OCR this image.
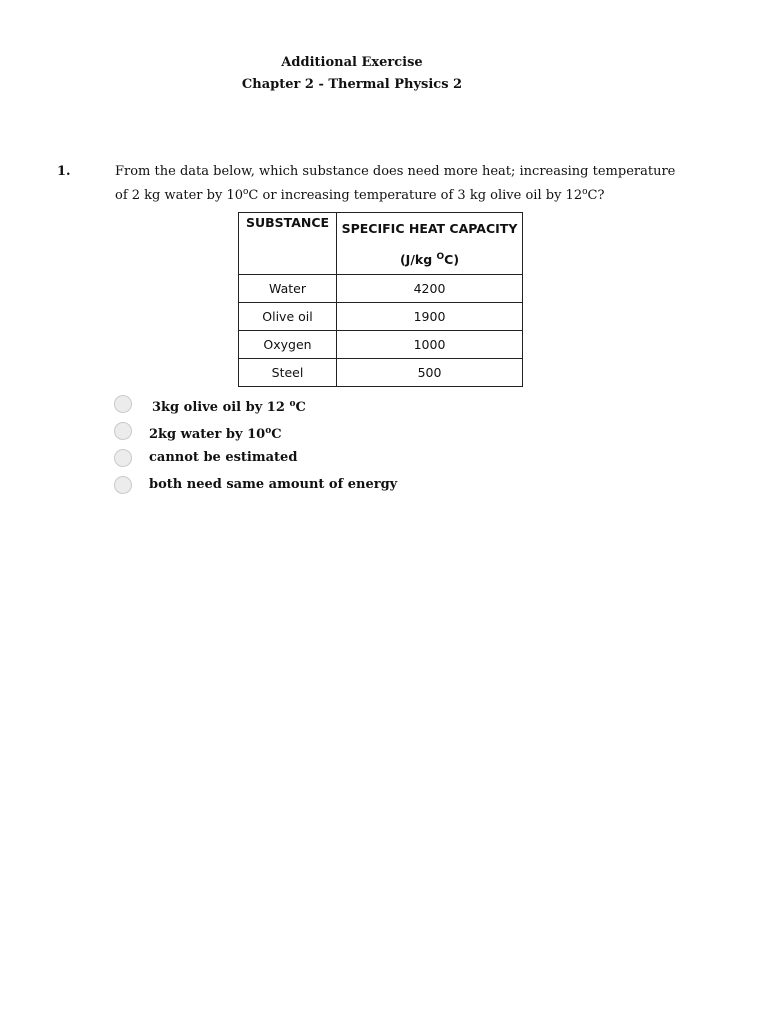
Additional Exercise
Chapter 2 - Thermal Physics 2
1.	From the data below, which substance does need more heat; increasing temperature
of 2 kg water by 10$^o$C or increasing temperature of 3 kg olive oil by 12$^o$C?
SUBSTANCE	SPECIFIC HEAT CAPACITY
(J/kg $^O$C)
Water	4200
Olive oil	1900
Oxygen	1000
Steel	500
3kg olive oil by 12 $^o$C
2kg water by 10$^o$C
cannot be estimated
both need same amount of energy
